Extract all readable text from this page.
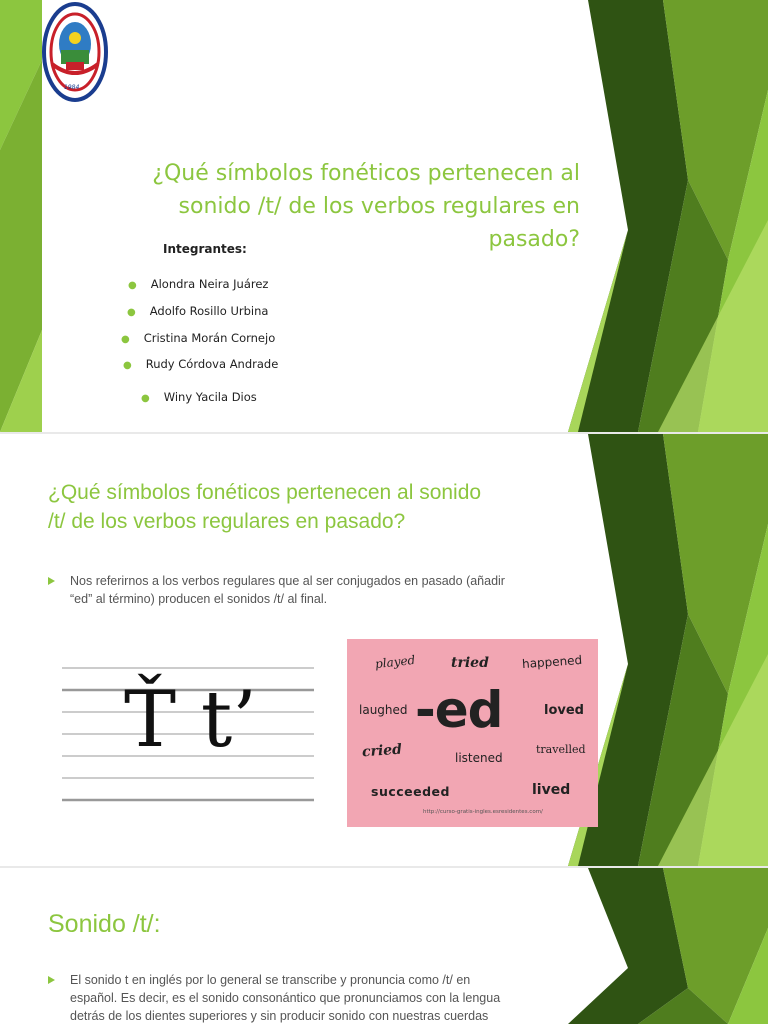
1984
¿Qué símbolos fonéticos pertenecen al
sonido /t/ de los verbos regulares en
pasado?
Integrantes:
● Alondra Neira Juárez
● Adolfo Rosillo Urbina
● Cristina Morán Cornejo
● Rudy Córdova Andrade
● Winy Yacila Dios
¿Qué símbolos fonéticos pertenecen al sonido
/t/ de los verbos regulares en pasado?
Nos referirnos a los verbos regulares que al ser conjugados en pasado (añadir
“ed” al término) producen el sonidos /t/ al final.
Ť t’
played	tried	happened
laughed -ed	loved
cried	listened
travelled
succeeded	lived
http://curso-gratis-ingles.esresidentes.com/
Sonido /t/:
El sonido t en inglés por lo general se transcribe y pronuncia como /t/ en
español. Es decir, es el sonido consonántico que pronunciamos con la lengua
detrás de los dientes superiores y sin producir sonido con nuestras cuerdas
